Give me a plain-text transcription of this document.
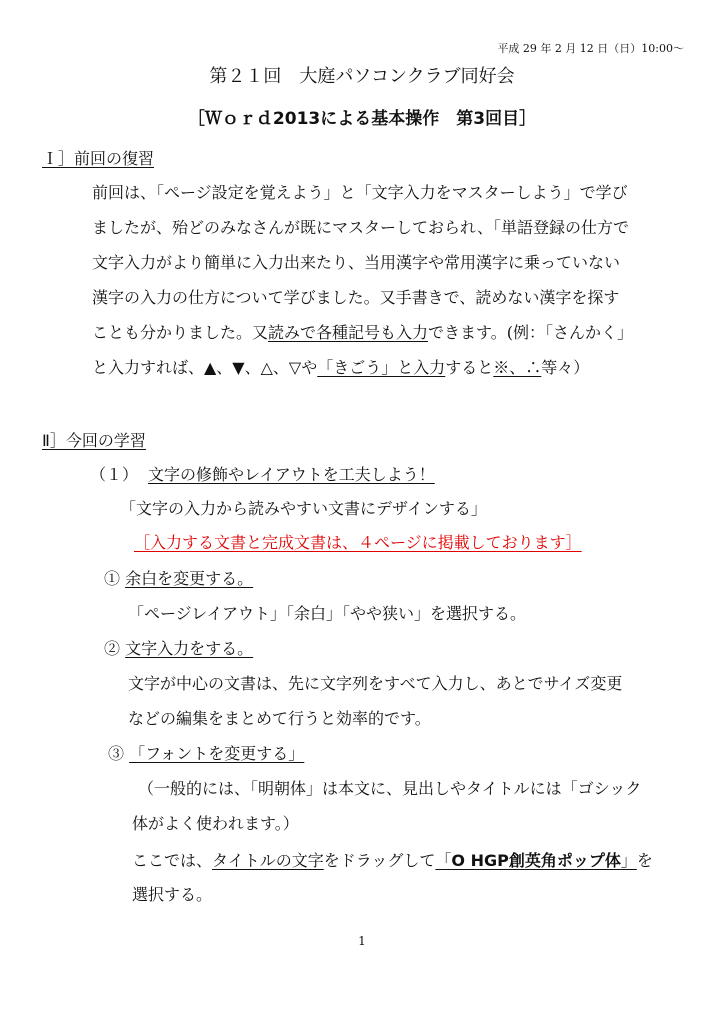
平成 29 年 2 月 12 日（日）10:00～
第２１回　大庭パソコンクラブ同好会
［Ｗｏｒｄ2013による基本操作　第3回目］
Ｉ］前回の復習
前回は、「ページ設定を覚えよう」と「文字入力をマスターしよう」で学び
ましたが、殆どのみなさんが既にマスターしておられ、「単語登録の仕方で
文字入力がより簡単に入力出来たり、当用漢字や常用漢字に乗っていない
漢字の入力の仕方について学びました。又手書きで、読めない漢字を探す
ことも分かりました。又読みで各種記号も入力できます。(例：「さんかく」
と入力すれば、▲、▼、△、▽や「きごう」と入力すると※、∴等々）
Ⅱ］今回の学習
（１） 文字の修飾やレイアウトを工夫しよう！
「文字の入力から読みやすい文書にデザインする」
［入力する文書と完成文書は、４ページに掲載しております］
① 余白を変更する。
「ページレイアウト」「余白」「やや狭い」を選択する。
② 文字入力をする。
文字が中心の文書は、先に文字列をすべて入力し、あとでサイズ変更
などの編集をまとめて行うと効率的です。
③ 「フォントを変更する」
（一般的には、「明朝体」は本文に、見出しやタイトルには「ゴシック
体がよく使われます。）
ここでは、タイトルの文字をドラッグして「O HGP創英角ポップ体」を
選択する。
1
